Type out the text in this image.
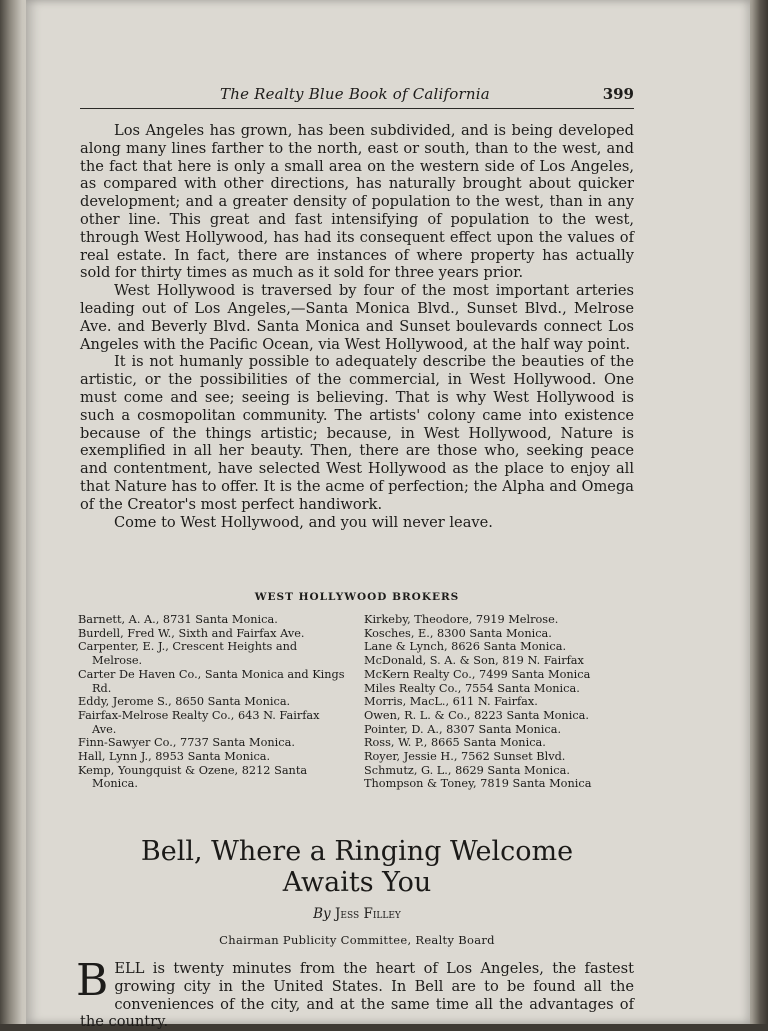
The Realty Blue Book of California	399

Los Angeles has grown, has been subdivided, and is being developed along many lines farther to the north, east or south, than to the west, and the fact that here is only a small area on the western side of Los Angeles, as compared with other directions, has naturally brought about quicker development; and a greater density of population to the west, than in any other line. This great and fast intensifying of population to the west, through West Hollywood, has had its consequent effect upon the values of real estate. In fact, there are instances of where property has actually sold for thirty times as much as it sold for three years prior.

West Hollywood is traversed by four of the most important arteries leading out of Los Angeles,—Santa Monica Blvd., Sunset Blvd., Melrose Ave. and Beverly Blvd. Santa Monica and Sunset boulevards connect Los Angeles with the Pacific Ocean, via West Hollywood, at the half way point.

It is not humanly possible to adequately describe the beauties of the artistic, or the possibilities of the commercial, in West Hollywood. One must come and see; seeing is believing. That is why West Hollywood is such a cosmopolitan community. The artists' colony came into existence because of the things artistic; because, in West Hollywood, Nature is exemplified in all her beauty. Then, there are those who, seeking peace and contentment, have selected West Hollywood as the place to enjoy all that Nature has to offer. It is the acme of perfection; the Alpha and Omega of the Creator's most perfect handiwork.

Come to West Hollywood, and you will never leave.

WEST HOLLYWOOD BROKERS
Barnett, A. A., 8731 Santa Monica.
Burdell, Fred W., Sixth and Fairfax Ave.
Carpenter, E. J., Crescent Heights and Melrose.
Carter De Haven Co., Santa Monica and Kings Rd.
Eddy, Jerome S., 8650 Santa Monica.
Fairfax-Melrose Realty Co., 643 N. Fairfax Ave.
Finn-Sawyer Co., 7737 Santa Monica.
Hall, Lynn J., 8953 Santa Monica.
Kemp, Youngquist & Ozene, 8212 Santa Monica.
Kirkeby, Theodore, 7919 Melrose.
Kosches, E., 8300 Santa Monica.
Lane & Lynch, 8626 Santa Monica.
McDonald, S. A. & Son, 819 N. Fairfax
McKern Realty Co., 7499 Santa Monica
Miles Realty Co., 7554 Santa Monica.
Morris, MacL., 611 N. Fairfax.
Owen, R. L. & Co., 8223 Santa Monica.
Pointer, D. A., 8307 Santa Monica.
Ross, W. P., 8665 Santa Monica.
Royer, Jessie H., 7562 Sunset Blvd.
Schmutz, G. L., 8629 Santa Monica.
Thompson & Toney, 7819 Santa Monica
Bell, Where a Ringing Welcome
Awaits You
By Jess Filley
Chairman Publicity Committee, Realty Board
B ELL is twenty minutes from the heart of Los Angeles, the fastest growing city in the United States. In Bell are to be found all the conveniences of the city, and at the same time all the advantages of the country.
